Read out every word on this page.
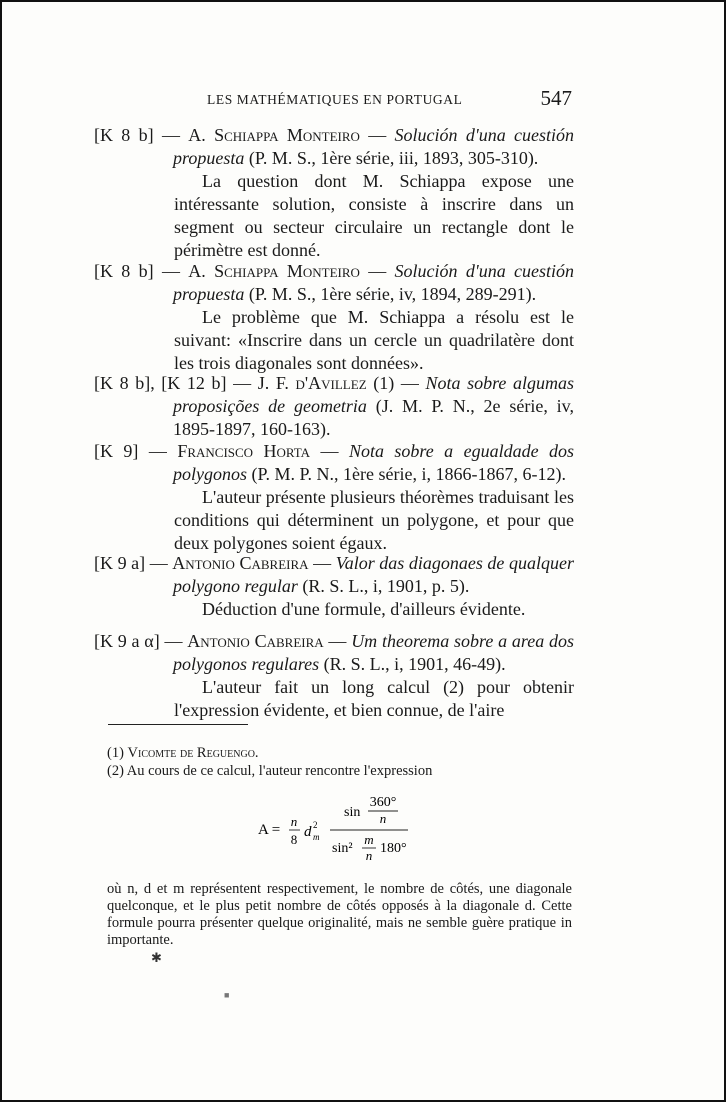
LES MATHÉMATIQUES EN PORTUGAL	547

[K 8 b] — A. Schiappa Monteiro — Solución d'una cuestión propuesta (P. M. S., 1ère série, iii, 1893, 305-310).

La question dont M. Schiappa expose une intéressante solution, consiste à inscrire dans un segment ou secteur circulaire un rectangle dont le périmètre est donné.

[K 8 b] — A. Schiappa Monteiro — Solución d'una cuestión propuesta (P. M. S., 1ère série, iv, 1894, 289-291).

Le problème que M. Schiappa a résolu est le suivant: «Inscrire dans un cercle un quadrilatère dont les trois diagonales sont données».

[K 8 b], [K 12 b] — J. F. d'Avillez (1) — Nota sobre algumas proposições de geometria (J. M. P. N., 2e série, iv, 1895-1897, 160-163).

[K 9] — Francisco Horta — Nota sobre a egualdade dos polygonos (P. M. P. N., 1ère série, i, 1866-1867, 6-12).

L'auteur présente plusieurs théorèmes traduisant les conditions qui déterminent un polygone, et pour que deux polygones soient égaux.

[K 9 a] — Antonio Cabreira — Valor das diagonaes de qualquer polygono regular (R. S. L., i, 1901, p. 5).

Déduction d'une formule, d'ailleurs évidente.

[K 9 a α] — Antonio Cabreira — Um theorema sobre a area dos polygonos regulares (R. S. L., i, 1901, 46-49).

L'auteur fait un long calcul (2) pour obtenir l'expression évidente, et bien connue, de l'aire

(1) Vicomte de Reguengo.
(2) Au cours de ce calcul, l'auteur rencontre l'expression
A =
n
8 d 2
m
sin
360°
n
sin²
m
n 180°
où n, d et m représentent respectivement, le nombre de côtés, une diagonale quelconque, et le plus petit nombre de côtés opposés à la diagonale d. Cette formule pourra présenter quelque originalité, mais ne semble guère pratique in importante.
✱
■
